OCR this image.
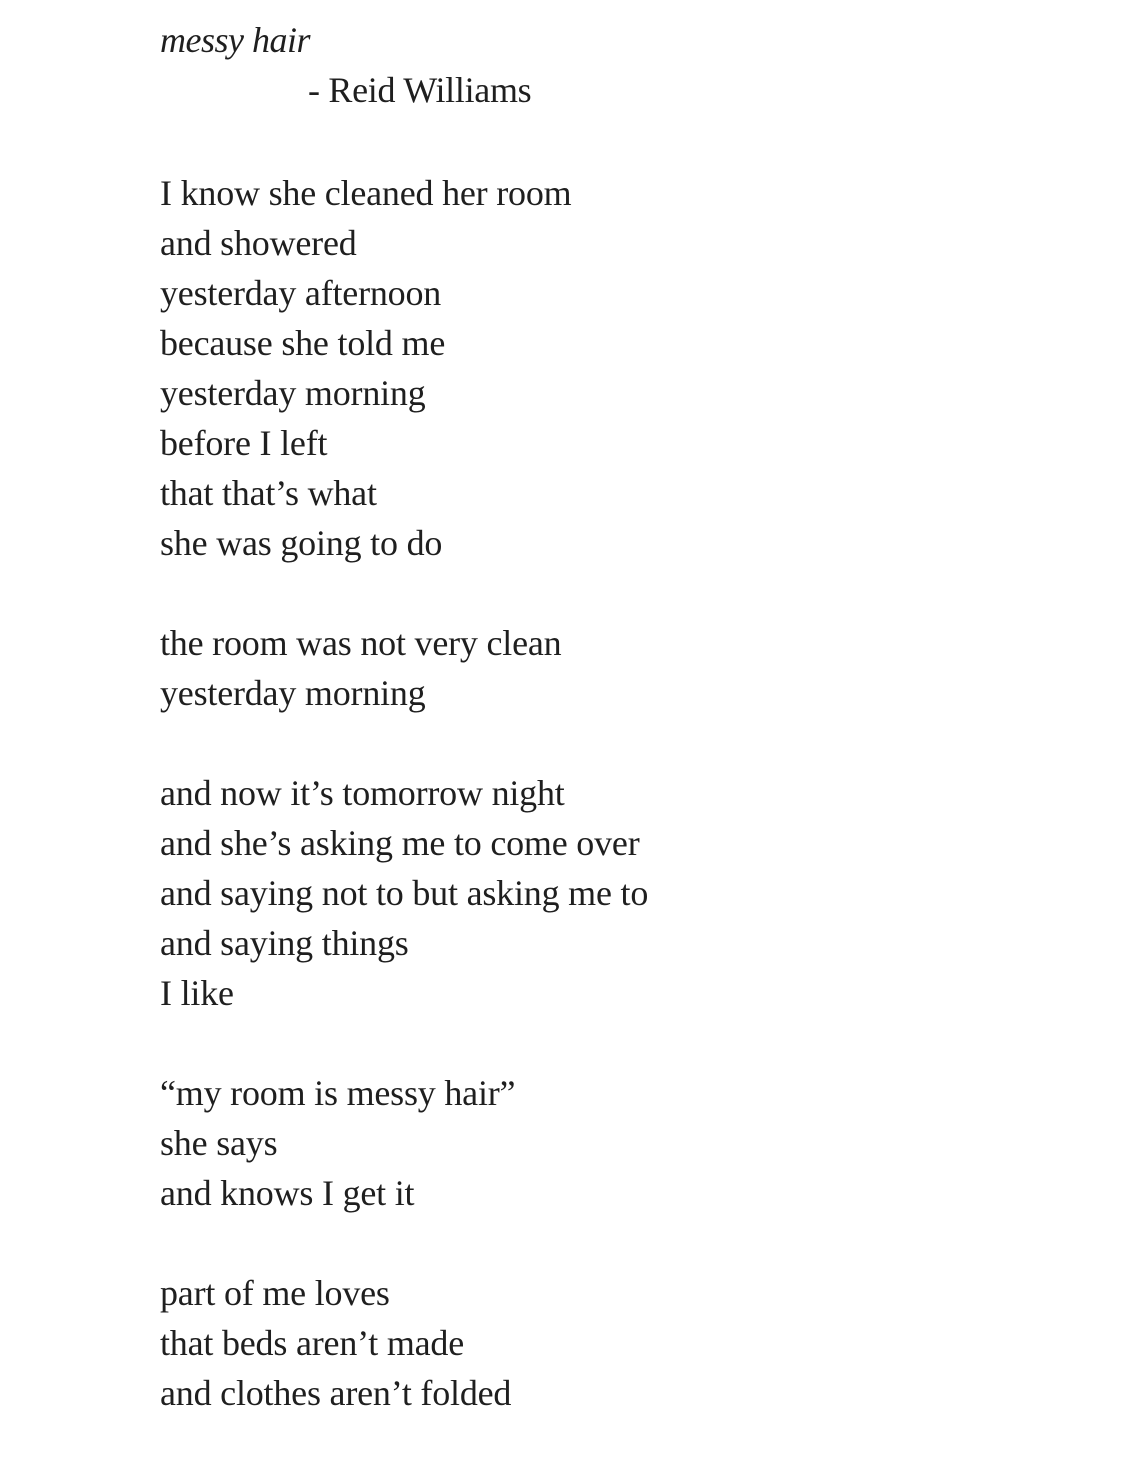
messy hair
- Reid Williams
I know she cleaned her room
and showered
yesterday afternoon
because she told me
yesterday morning
before I left
that that’s what
she was going to do
the room was not very clean
yesterday morning
and now it’s tomorrow night
and she’s asking me to come over
and saying not to but asking me to
and saying things
I like
“my room is messy hair”
she says
and knows I get it
part of me loves
that beds aren’t made
and clothes aren’t folded
